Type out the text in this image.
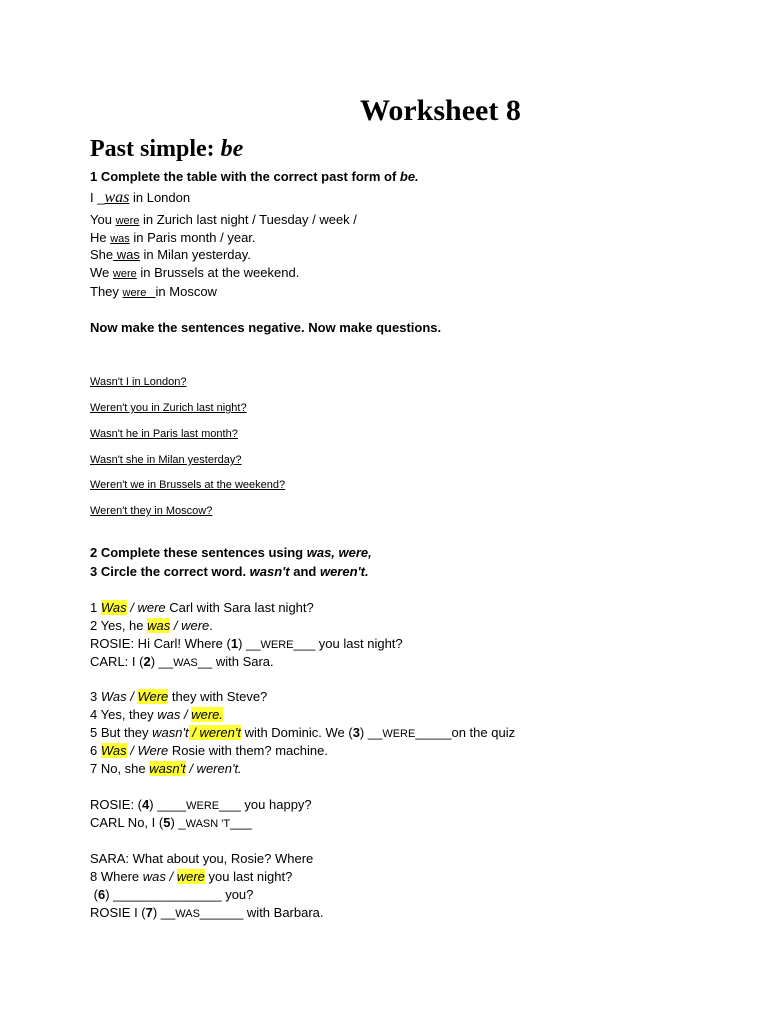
Worksheet 8
Past simple: be
1 Complete the table with the correct past form of be.
I _was in London
You were in Zurich last night / Tuesday / week /
He was in Paris month / year.
She was in Milan yesterday.
We were in Brussels at the weekend.
They were   in Moscow
Now make the sentences negative. Now make questions.
Wasn't I in London?
Weren't you in Zurich last night?
Wasn't he in Paris last month?
Wasn't she in Milan yesterday?
Weren't we in Brussels at the weekend?
Weren't they in Moscow?
2 Complete these sentences using was, were,
3 Circle the correct word. wasn't and weren't.
1 Was / were Carl with Sara last night?
2 Yes, he was / were.
ROSIE: Hi Carl! Where (1) __WERE___ you last night?
CARL: I (2) __WAS__ with Sara.
3 Was / Were they with Steve?
4 Yes, they was / were.
5 But they wasn't / weren't with Dominic. We (3) __WERE_____on the quiz
6 Was / Were Rosie with them? machine.
7 No, she wasn't / weren't.
ROSIE: (4) ____WERE___ you happy?
CARL No, I (5) _WASN 'T___
SARA: What about you, Rosie? Where
8 Where was / were you last night?
(6) _______________ you?
ROSIE I (7) __WAS______ with Barbara.
